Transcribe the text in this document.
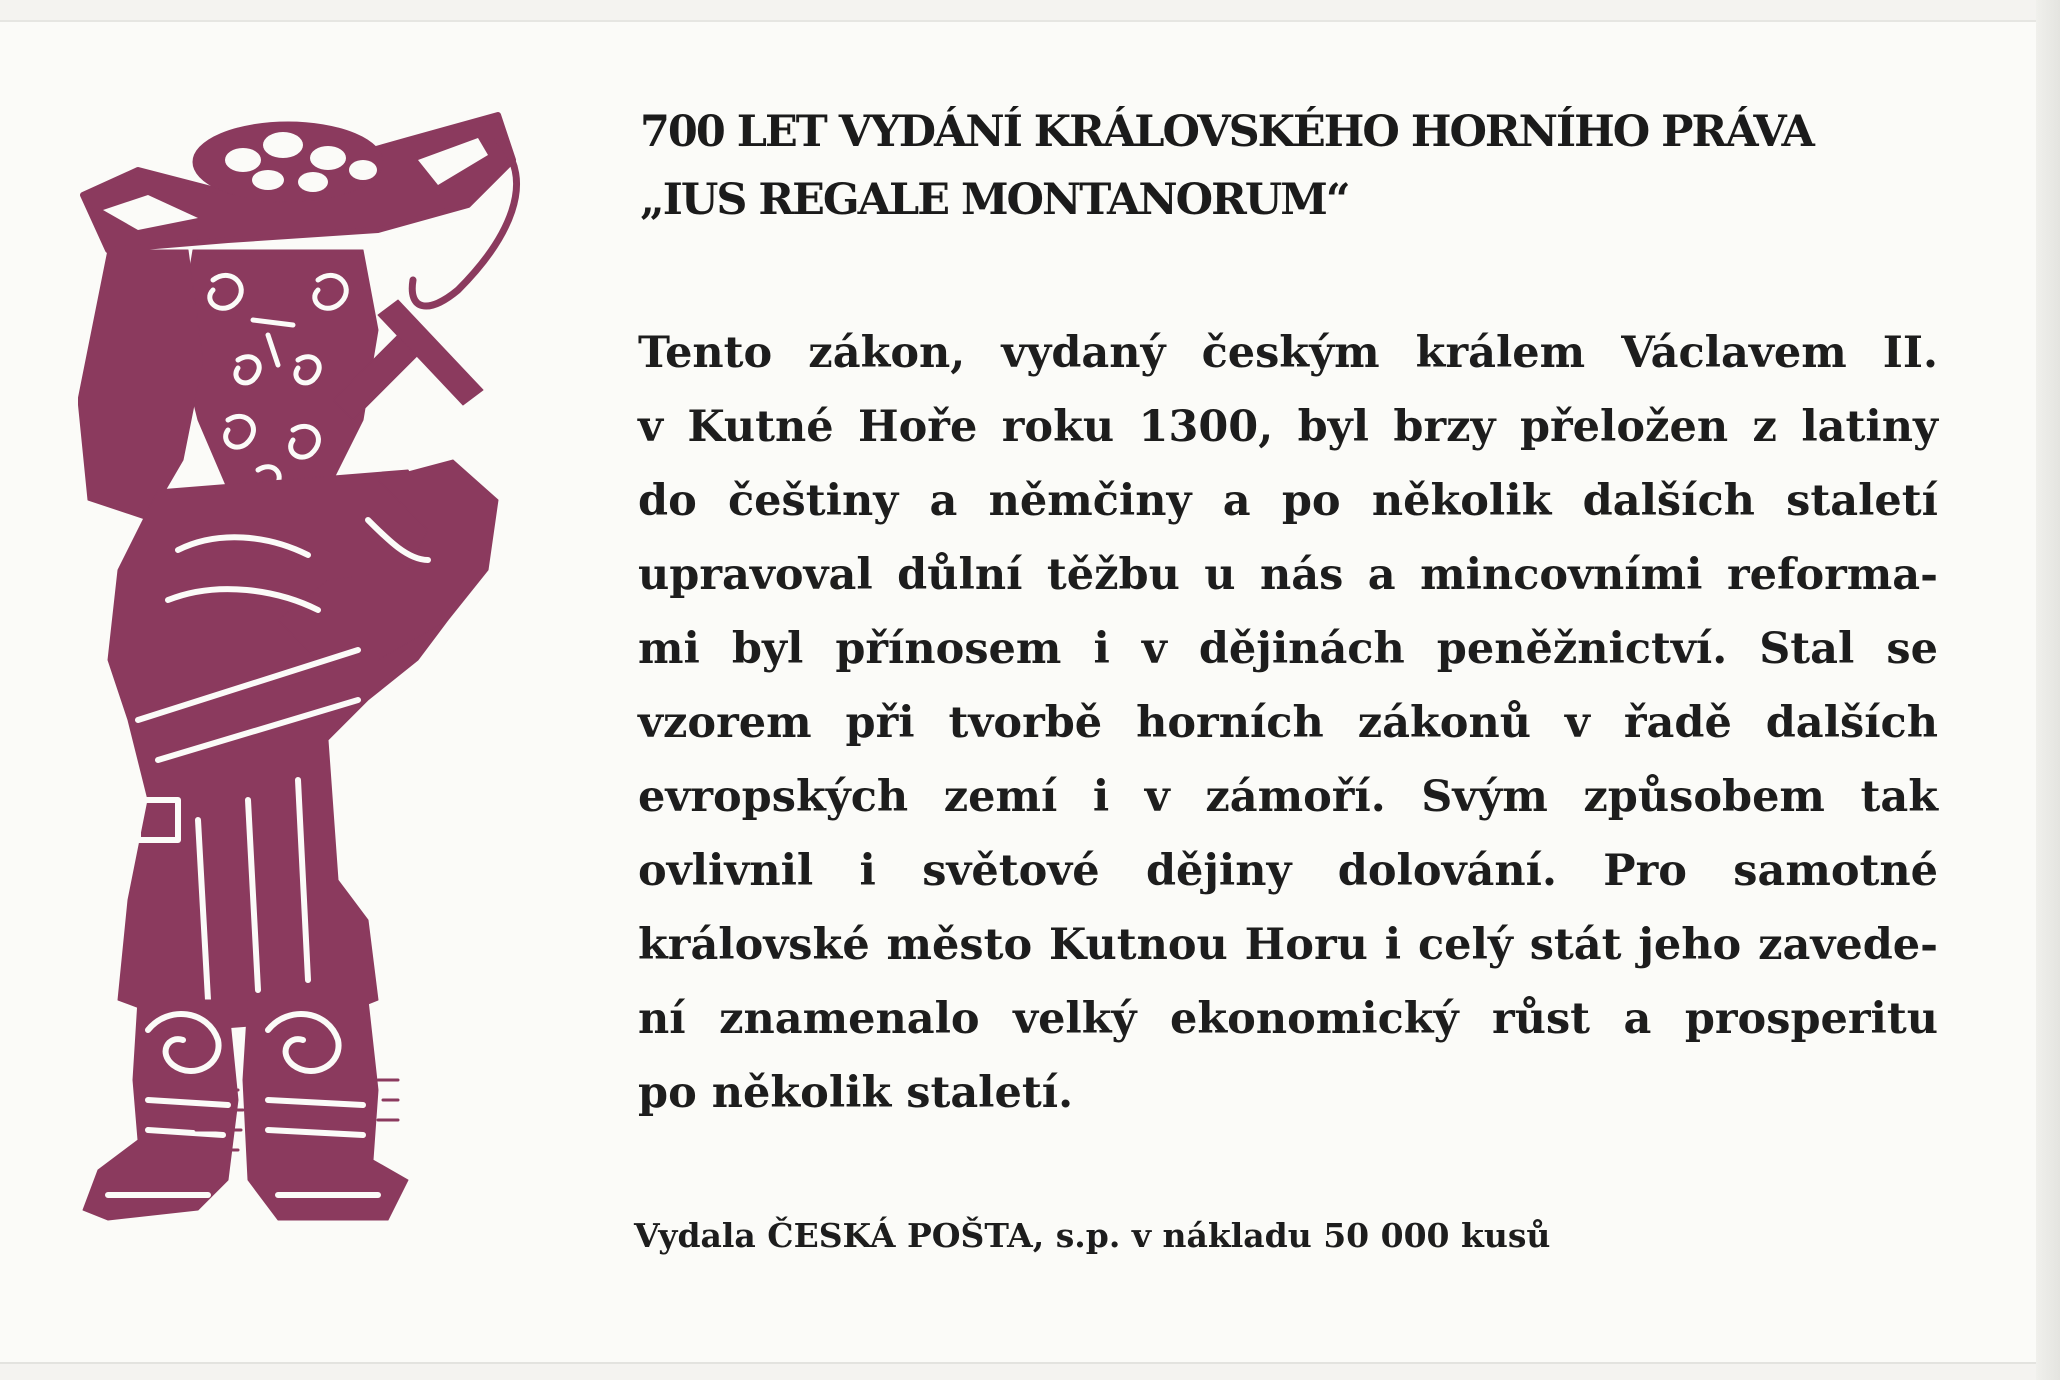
700 LET VYDÁNÍ KRÁLOVSKÉHO HORNÍHO PRÁVA
„IUS REGALE MONTANORUM“

Tento zákon, vydaný českým králem Václavem II.
v Kutné Hoře roku 1300, byl brzy přeložen z latiny
do češtiny a němčiny a po několik dalších staletí
upravoval důlní těžbu u nás a mincovními reforma-
mi byl přínosem i v dějinách peněžnictví. Stal se
vzorem při tvorbě horních zákonů v řadě dalších
evropských zemí i v zámoří. Svým způsobem tak
ovlivnil i světové dějiny dolování. Pro samotné
královské město Kutnou Horu i celý stát jeho zavede-
ní znamenalo velký ekonomický růst a prosperitu
po několik staletí.

Vydala ČESKÁ POŠTA, s.p. v nákladu 50 000 kusů
